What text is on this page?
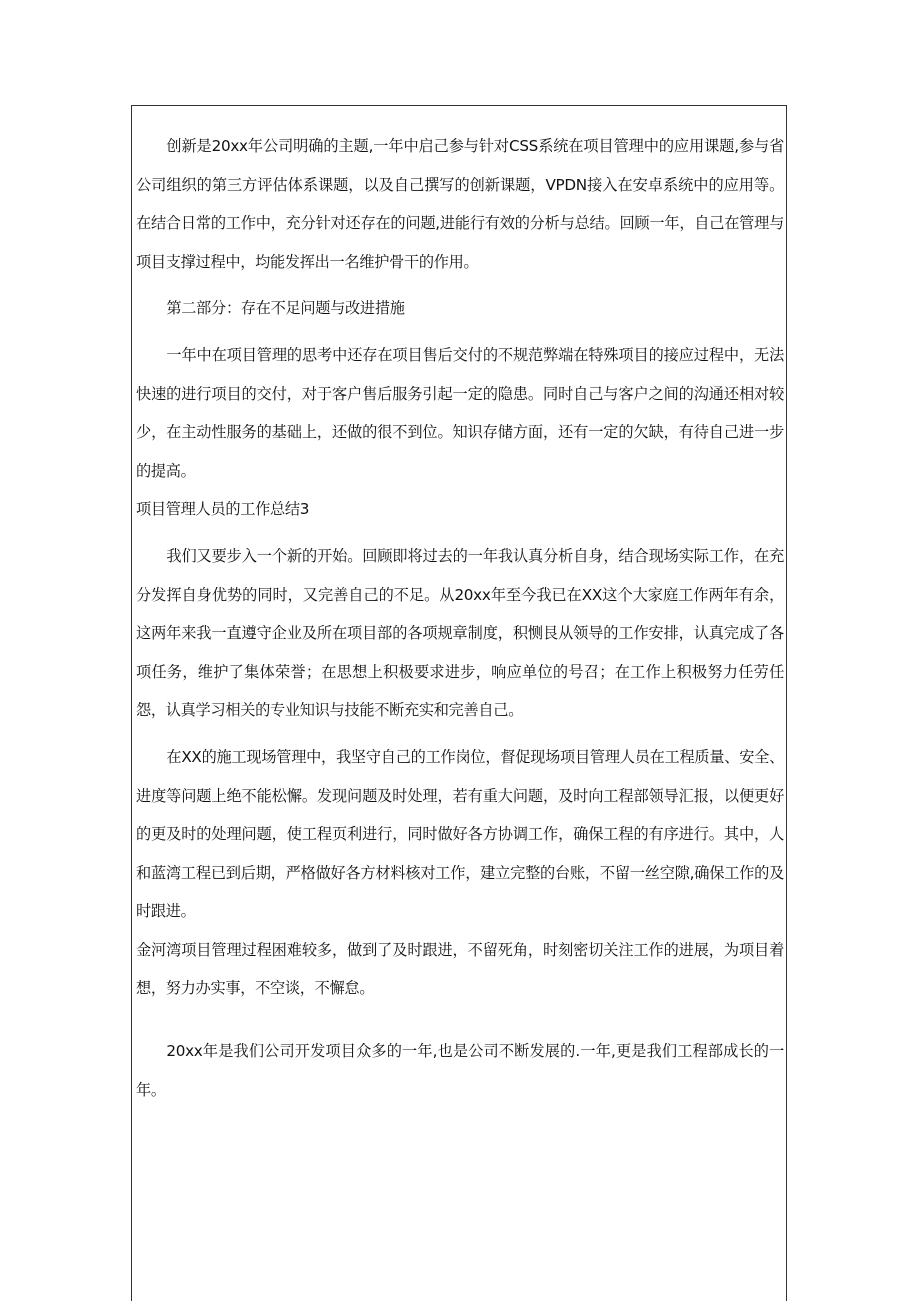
创新是20xx年公司明确的主题,一年中启己参与针对CSS系统在项目管理中的应用课题,参与省公司组织的第三方评估体系课题，以及自己撰写的创新课题，VPDN接入在安卓系统中的应用等。在结合日常的工作中，充分针对还存在的问题,进能行有效的分析与总结。回顾一年，自己在管理与项目支撑过程中，均能发挥出一名维护骨干的作用。

第二部分：存在不足问题与改进措施

一年中在项目管理的思考中还存在项目售后交付的不规范弊端在特殊项目的接应过程中，无法快速的进行项目的交付，对于客户售后服务引起一定的隐患。同时自己与客户之间的沟通还相对较少，在主动性服务的基础上，还做的很不到位。知识存储方面，还有一定的欠缺，有待自己进一步的提高。

项目管理人员的工作总结3

我们又要步入一个新的开始。回顾即将过去的一年我认真分析自身，结合现场实际工作，在充分发挥自身优势的同时，又完善自己的不足。从20xx年至今我已在XX这个大家庭工作两年有余，这两年来我一直遵守企业及所在项目部的各项规章制度，积恻艮从领导的工作安排，认真完成了各项任务，维护了集体荣誉；在思想上积极要求进步，响应单位的号召；在工作上积极努力任劳任怨，认真学习相关的专业知识与技能不断充实和完善自己。

在XX的施工现场管理中，我坚守自己的工作岗位，督促现场项目管理人员在工程质量、安全、进度等问题上绝不能松懈。发现问题及时处理，若有重大问题，及时向工程部领导汇报，以便更好的更及时的处理问题，使工程页利进行，同时做好各方协调工作，确保工程的有序进行。其中，人和蓝湾工程已到后期，严格做好各方材料核对工作，建立完整的台账，不留一丝空隙,确保工作的及时跟进。

金河湾项目管理过程困难较多，做到了及时跟进，不留死角，时刻密切关注工作的进展，为项目着想，努力办实事，不空谈，不懈怠。

20xx年是我们公司开发项目众多的一年,也是公司不断发展的.一年,更是我们工程部成长的一年。
